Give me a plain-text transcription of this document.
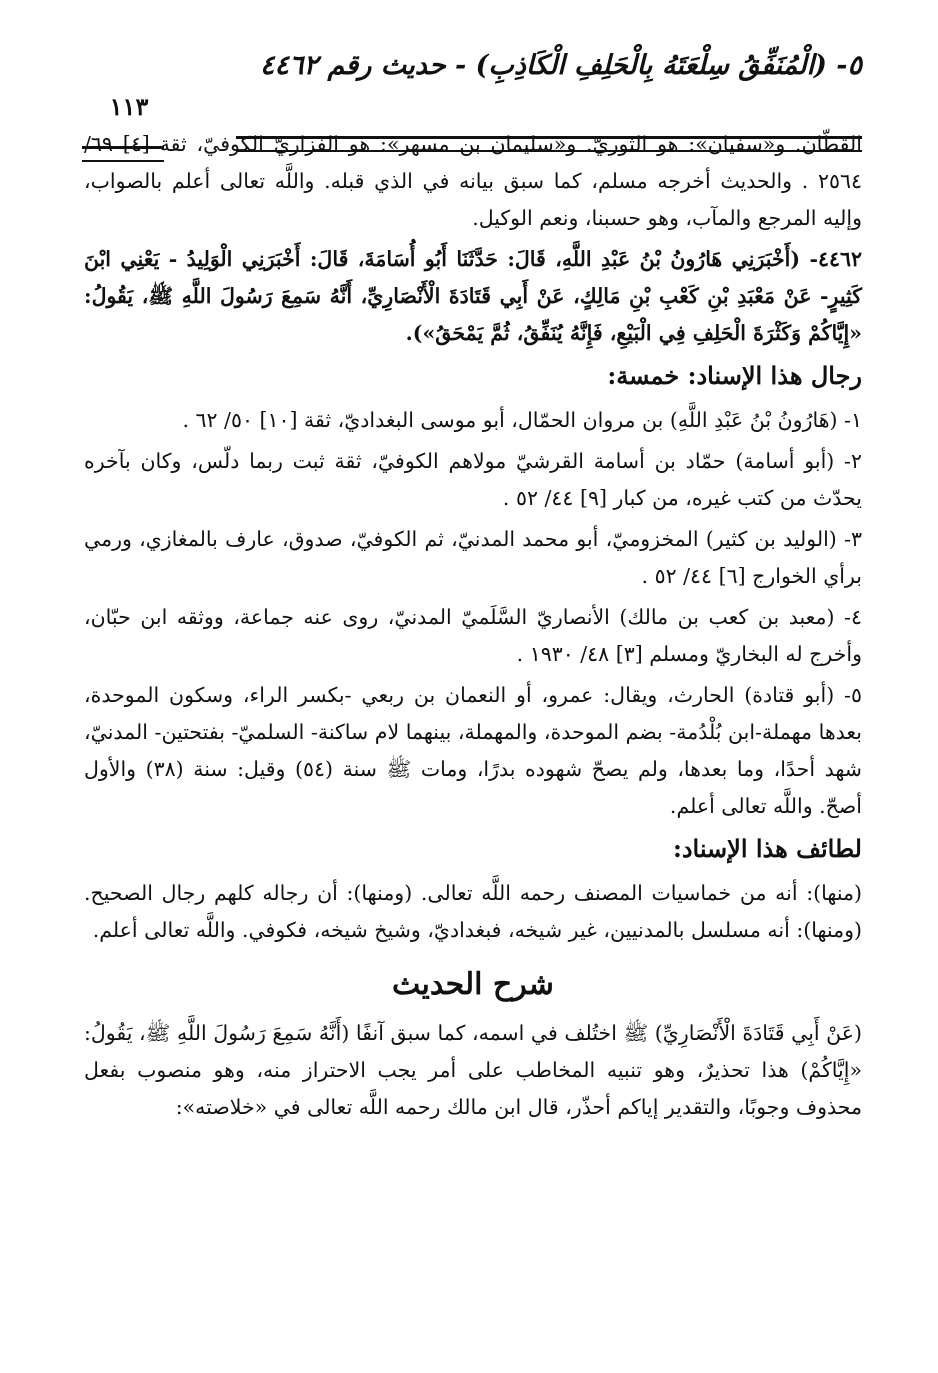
٥- (الْمُنَفِّقُ سِلْعَتَهُ بِالْحَلِفِ الْكَاذِبِ) - حديث رقم ٤٤٦٢
١١٣

القطّان. و«سفيان»: هو الثوريّ. و«سليمان بن مسهر»: هو الفزاريّ الكوفيّ، ثقة [٤] ٦٩/ ٢٥٦٤ . والحديث أخرجه مسلم، كما سبق بيانه في الذي قبله. واللَّه تعالى أعلم بالصواب، وإليه المرجع والمآب، وهو حسبنا، ونعم الوكيل.

٤٤٦٢- (أَخْبَرَنِي هَارُونُ بْنُ عَبْدِ اللَّهِ، قَالَ: حَدَّثَنَا أَبُو أُسَامَةَ، قَالَ: أَخْبَرَنِي الْوَلِيدُ - يَعْنِي ابْنَ كَثِيرٍ- عَنْ مَعْبَدِ بْنِ كَعْبِ بْنِ مَالِكٍ، عَنْ أَبِي قَتَادَةَ الْأَنْصَارِيِّ، أَنَّهُ سَمِعَ رَسُولَ اللَّهِ ﷺ، يَقُولُ: «إِيَّاكُمْ وَكَثْرَةَ الْحَلِفِ فِي الْبَيْعِ، فَإِنَّهُ يُنَفِّقُ، ثُمَّ يَمْحَقُ»).

رجال هذا الإسناد: خمسة:

١- (هَارُونُ بْنُ عَبْدِ اللَّهِ) بن مروان الحمّال، أبو موسى البغداديّ، ثقة [١٠] ٥٠/ ٦٢ .

٢- (أبو أسامة) حمّاد بن أسامة القرشيّ مولاهم الكوفيّ، ثقة ثبت ربما دلّس، وكان بآخره يحدّث من كتب غيره، من كبار [٩] ٤٤/ ٥٢ .

٣- (الوليد بن كثير) المخزوميّ، أبو محمد المدنيّ، ثم الكوفيّ، صدوق، عارف بالمغازي، ورمي برأي الخوارج [٦] ٤٤/ ٥٢ .

٤- (معبد بن كعب بن مالك) الأنصاريّ السَّلَميّ المدنيّ، روى عنه جماعة، ووثقه ابن حبّان، وأخرج له البخاريّ ومسلم [٣] ٤٨/ ١٩٣٠ .

٥- (أبو قتادة) الحارث، ويقال: عمرو، أو النعمان بن ربعي -بكسر الراء، وسكون الموحدة، بعدها مهملة-ابن بُلْدُمة- بضم الموحدة، والمهملة، بينهما لام ساكنة- السلميّ- بفتحتين- المدنيّ، شهد أحدًا، وما بعدها، ولم يصحّ شهوده بدرًا، ومات ﷺ سنة (٥٤) وقيل: سنة (٣٨) والأول أصحّ. واللَّه تعالى أعلم.

لطائف هذا الإسناد:

(منها): أنه من خماسيات المصنف رحمه اللَّه تعالى. (ومنها): أن رجاله كلهم رجال الصحيح. (ومنها): أنه مسلسل بالمدنيين، غير شيخه، فبغداديّ، وشيخ شيخه، فكوفي. واللَّه تعالى أعلم.

شرح الحديث

(عَنْ أَبِي قَتَادَةَ الْأَنْصَارِيِّ) ﷺ اختُلف في اسمه، كما سبق آنفًا (أَنَّهُ سَمِعَ رَسُولَ اللَّهِ ﷺ، يَقُولُ: «إِيَّاكُمْ) هذا تحذيرٌ، وهو تنبيه المخاطب على أمر يجب الاحتراز منه، وهو منصوب بفعل محذوف وجوبًا، والتقدير إياكم أحذّر، قال ابن مالك رحمه اللَّه تعالى في «خلاصته»:
